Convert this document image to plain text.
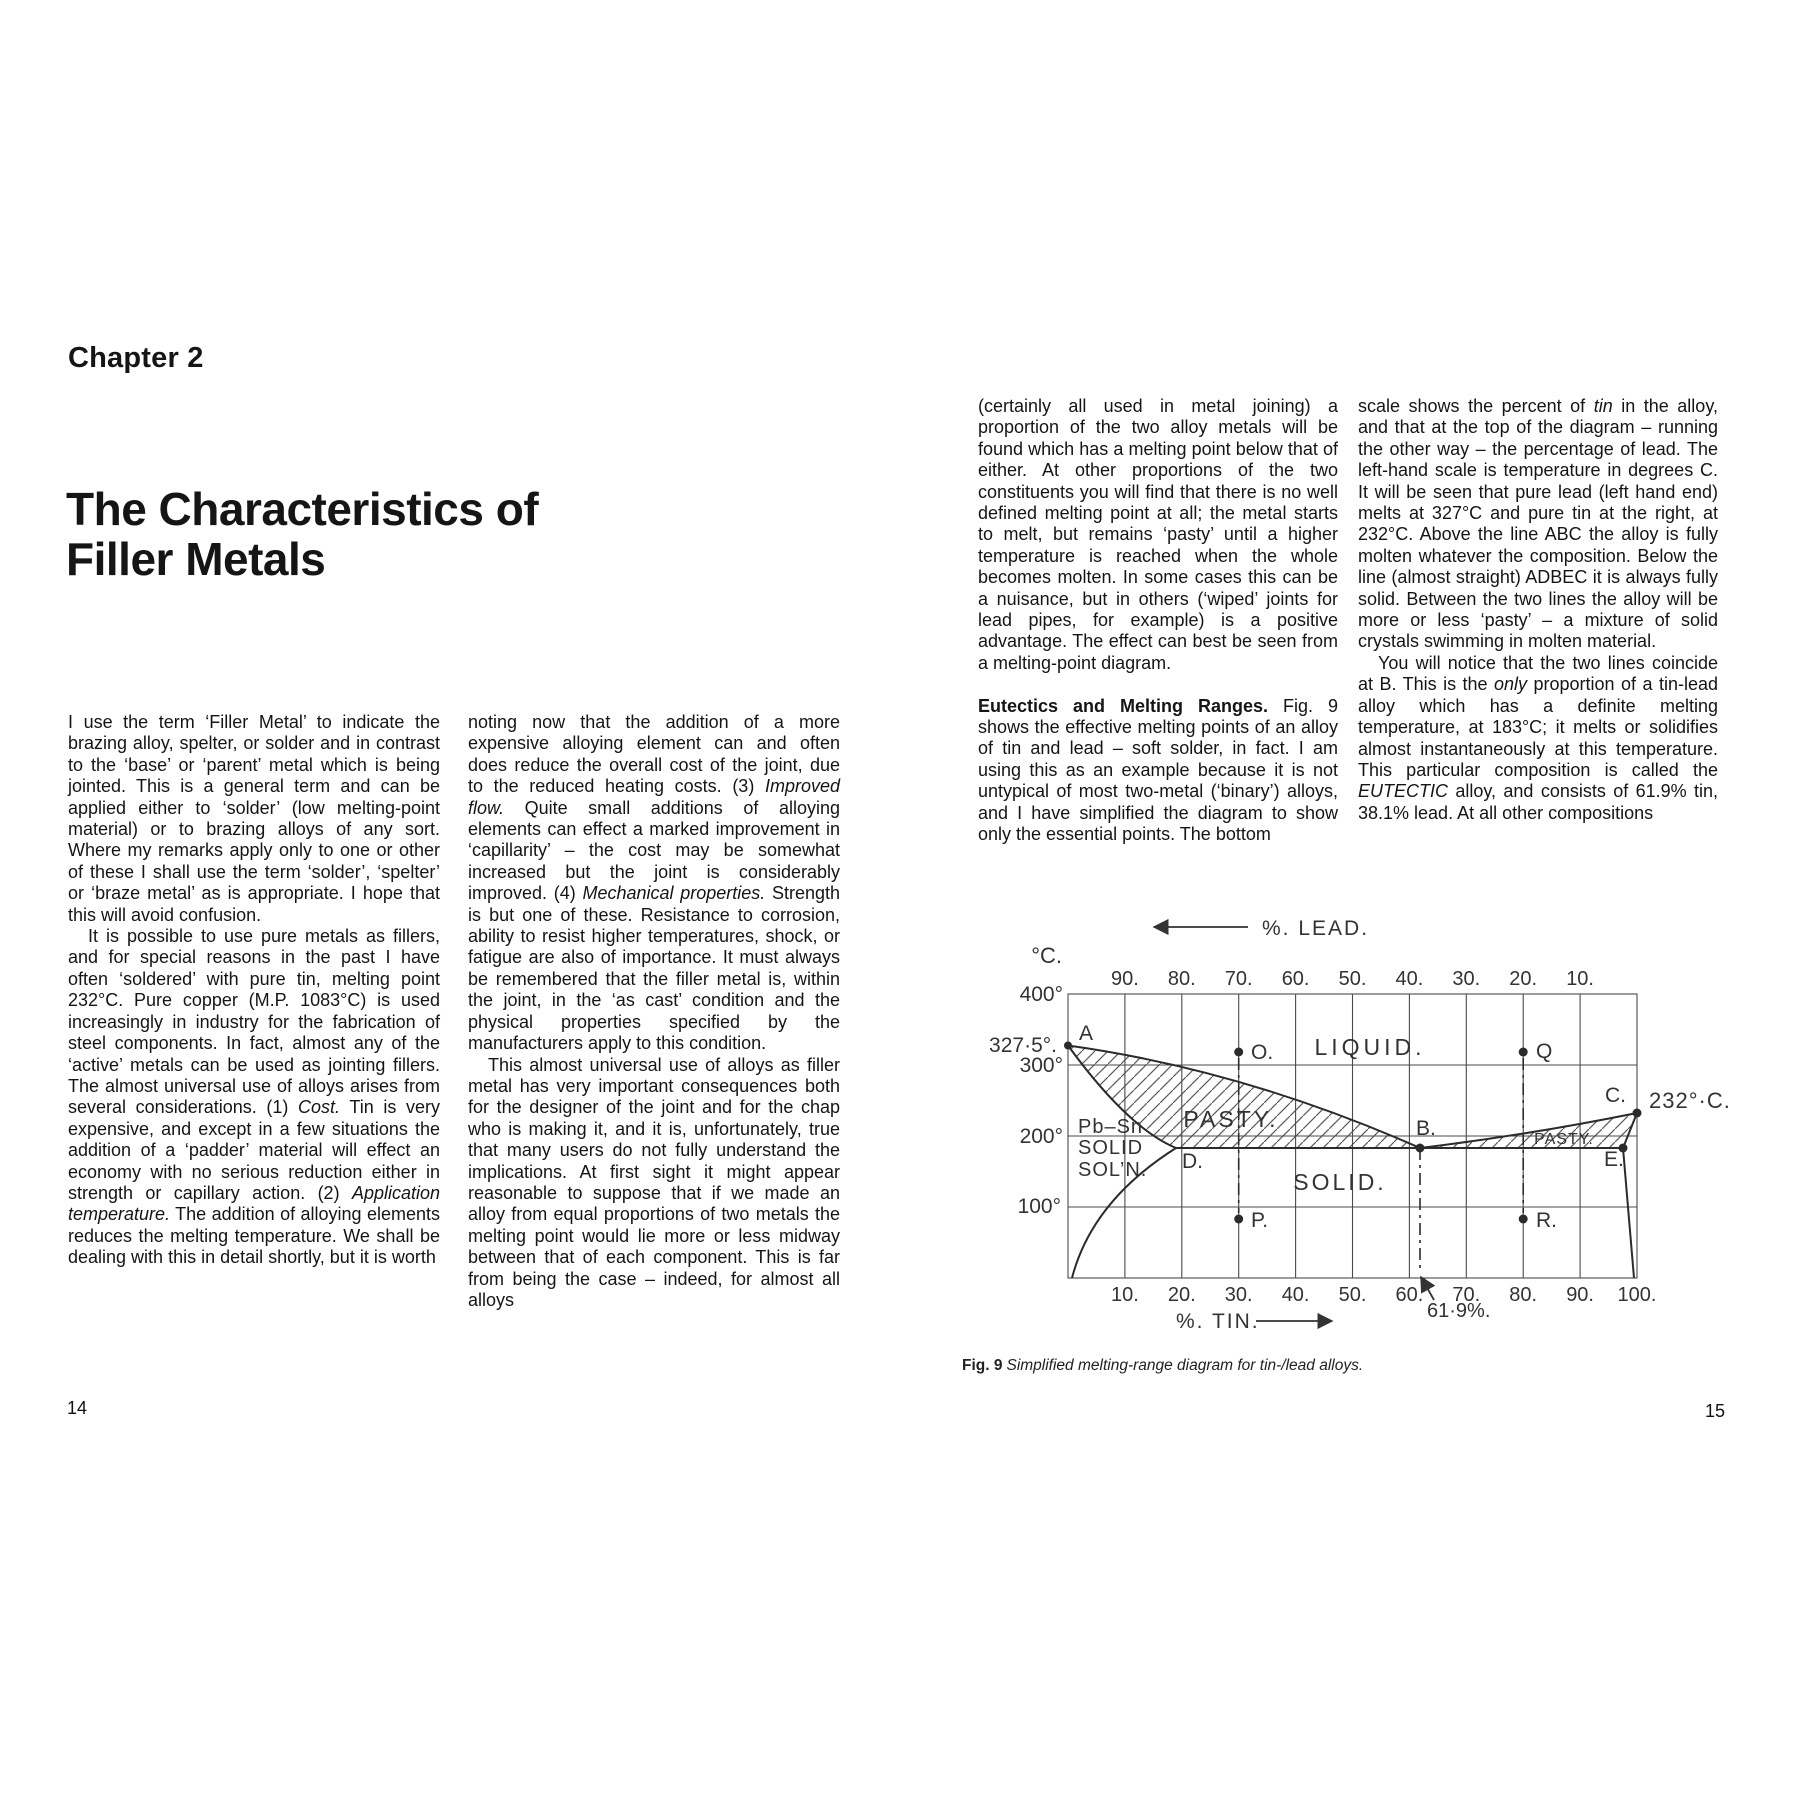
Chapter 2
The Characteristics of
Filler Metals

I use the term ‘Filler Metal’ to indicate the brazing alloy, spelter, or solder and in contrast to the ‘base’ or ‘parent’ metal which is being jointed. This is a general term and can be applied either to ‘solder’ (low melting-point material) or to brazing alloys of any sort. Where my remarks apply only to one or other of these I shall use the term ‘solder’, ‘spelter’ or ‘braze metal’ as is appropriate. I hope that this will avoid confusion.

It is possible to use pure metals as fillers, and for special reasons in the past I have often ‘soldered’ with pure tin, melting point 232°C. Pure copper (M.P. 1083°C) is used increasingly in industry for the fabrication of steel components. In fact, almost any of the ‘active’ metals can be used as jointing fillers. The almost universal use of alloys arises from several considerations. (1) Cost. Tin is very expensive, and except in a few situations the addition of a ‘padder’ material will effect an economy with no serious reduction either in strength or capillary action. (2) Application temperature. The addition of alloying elements reduces the melting temperature. We shall be dealing with this in detail shortly, but it is worth

noting now that the addition of a more expensive alloying element can and often does reduce the overall cost of the joint, due to the reduced heating costs. (3) Improved flow. Quite small additions of alloying elements can effect a marked improvement in ‘capillarity’ – the cost may be somewhat increased but the joint is considerably improved. (4) Mechanical properties. Strength is but one of these. Resistance to corrosion, ability to resist higher temperatures, shock, or fatigue are also of importance. It must always be remembered that the filler metal is, within the joint, in the ‘as cast’ condition and the physical properties specified by the manufacturers apply to this condition.

This almost universal use of alloys as filler metal has very important consequences both for the designer of the joint and for the chap who is making it, and it is, unfortunately, true that many users do not fully understand the implications. At first sight it might appear reasonable to suppose that if we made an alloy from equal proportions of two metals the melting point would lie more or less midway between that of each component. This is far from being the case – indeed, for almost all alloys

14

(certainly all used in metal joining) a proportion of the two alloy metals will be found which has a melting point below that of either. At other proportions of the two constituents you will find that there is no well defined melting point at all; the metal starts to melt, but remains ‘pasty’ until a higher temperature is reached when the whole becomes molten. In some cases this can be a nuisance, but in others (‘wiped’ joints for lead pipes, for example) is a positive advantage. The effect can best be seen from a melting-point diagram.

Eutectics and Melting Ranges. Fig. 9 shows the effective melting points of an alloy of tin and lead – soft solder, in fact. I am using this as an example because it is not untypical of most two-metal (‘binary’) alloys, and I have simplified the diagram to show only the essential points. The bottom

scale shows the percent of tin in the alloy, and that at the top of the diagram – running the other way – the percentage of lead. The left-hand scale is temperature in degrees C. It will be seen that pure lead (left hand end) melts at 327°C and pure tin at the right, at 232°C. Above the line ABC the alloy is fully molten whatever the composition. Below the line (almost straight) ADBEC it is always fully solid. Between the two lines the alloy will be more or less ‘pasty’ – a mixture of solid crystals swimming in molten material.

You will notice that the two lines coincide at B. This is the only proportion of a tin-lead alloy which has a definite melting temperature, at 183°C; it melts or solidifies almost instantaneously at this temperature. This particular composition is called the EUTECTIC alloy, and consists of 61.9% tin, 38.1% lead. At all other compositions

%. LEAD.
%. TIN.
°C.
400°
327·5°.
300°
200°
100°
90. 80. 70. 60. 50. 40. 30. 20. 10.
10. 20. 30. 40. 50. 60. 70. 80. 90. 100.
61·9%.
232°·C.
LIQUID.
PASTY.
PASTY.
SOLID.
Pb–Sn
SOLID
SOL’N.
A
B.
C.
D.	E.
O.
P.
Q
R.
Fig. 9 Simplified melting-range diagram for tin-/lead alloys.
15
